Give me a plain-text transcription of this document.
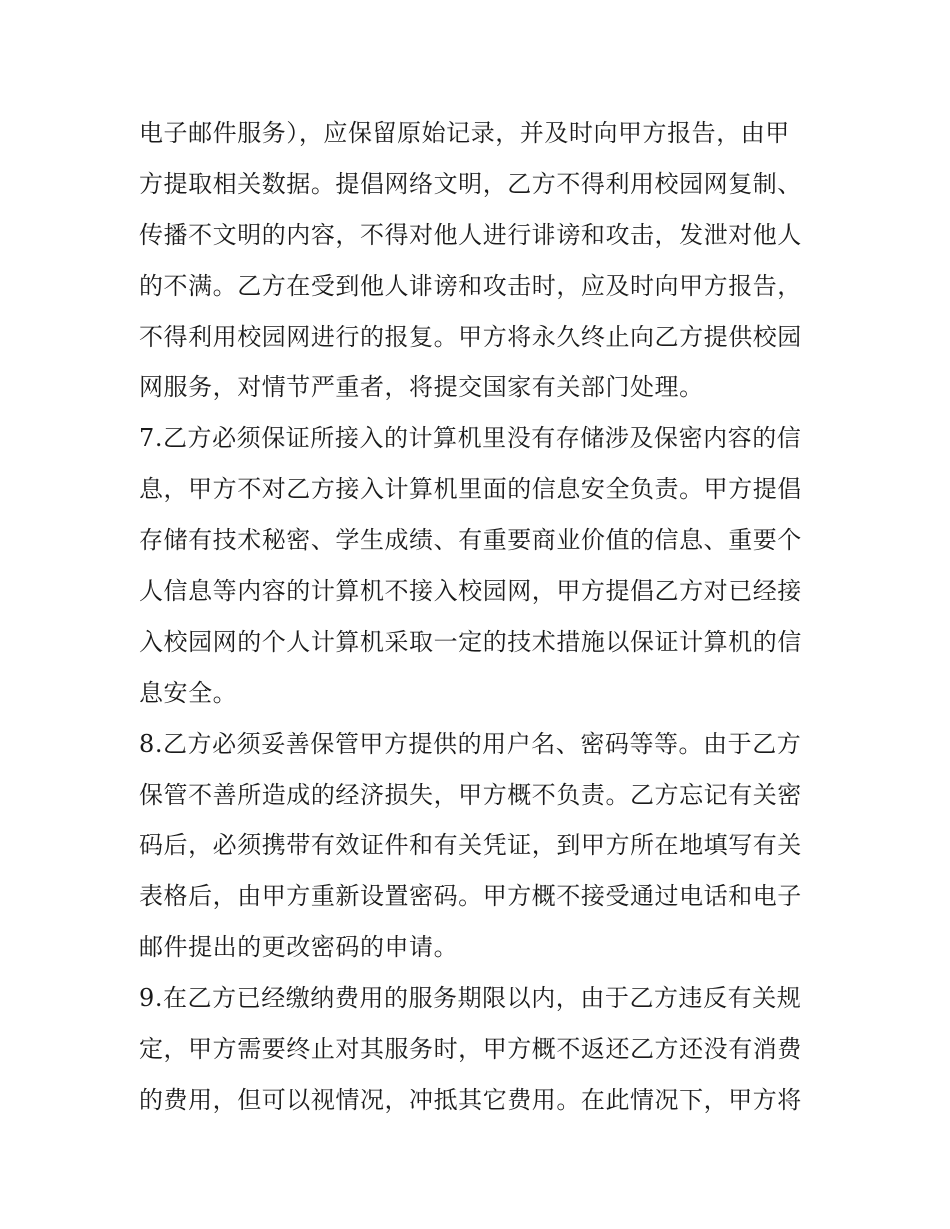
电子邮件服务），应保留原始记录，并及时向甲方报告，由甲
方提取相关数据。提倡网络文明，乙方不得利用校园网复制、
传播不文明的内容，不得对他人进行诽谤和攻击，发泄对他人
的不满。乙方在受到他人诽谤和攻击时，应及时向甲方报告，
不得利用校园网进行的报复。甲方将永久终止向乙方提供校园
网服务，对情节严重者，将提交国家有关部门处理。
7.乙方必须保证所接入的计算机里没有存储涉及保密内容的信
息，甲方不对乙方接入计算机里面的信息安全负责。甲方提倡
存储有技术秘密、学生成绩、有重要商业价值的信息、重要个
人信息等内容的计算机不接入校园网，甲方提倡乙方对已经接
入校园网的个人计算机采取一定的技术措施以保证计算机的信
息安全。
8.乙方必须妥善保管甲方提供的用户名、密码等等。由于乙方
保管不善所造成的经济损失，甲方概不负责。乙方忘记有关密
码后，必须携带有效证件和有关凭证，到甲方所在地填写有关
表格后，由甲方重新设置密码。甲方概不接受通过电话和电子
邮件提出的更改密码的申请。
9.在乙方已经缴纳费用的服务期限以内，由于乙方违反有关规
定，甲方需要终止对其服务时，甲方概不返还乙方还没有消费
的费用，但可以视情况，冲抵其它费用。在此情况下，甲方将
